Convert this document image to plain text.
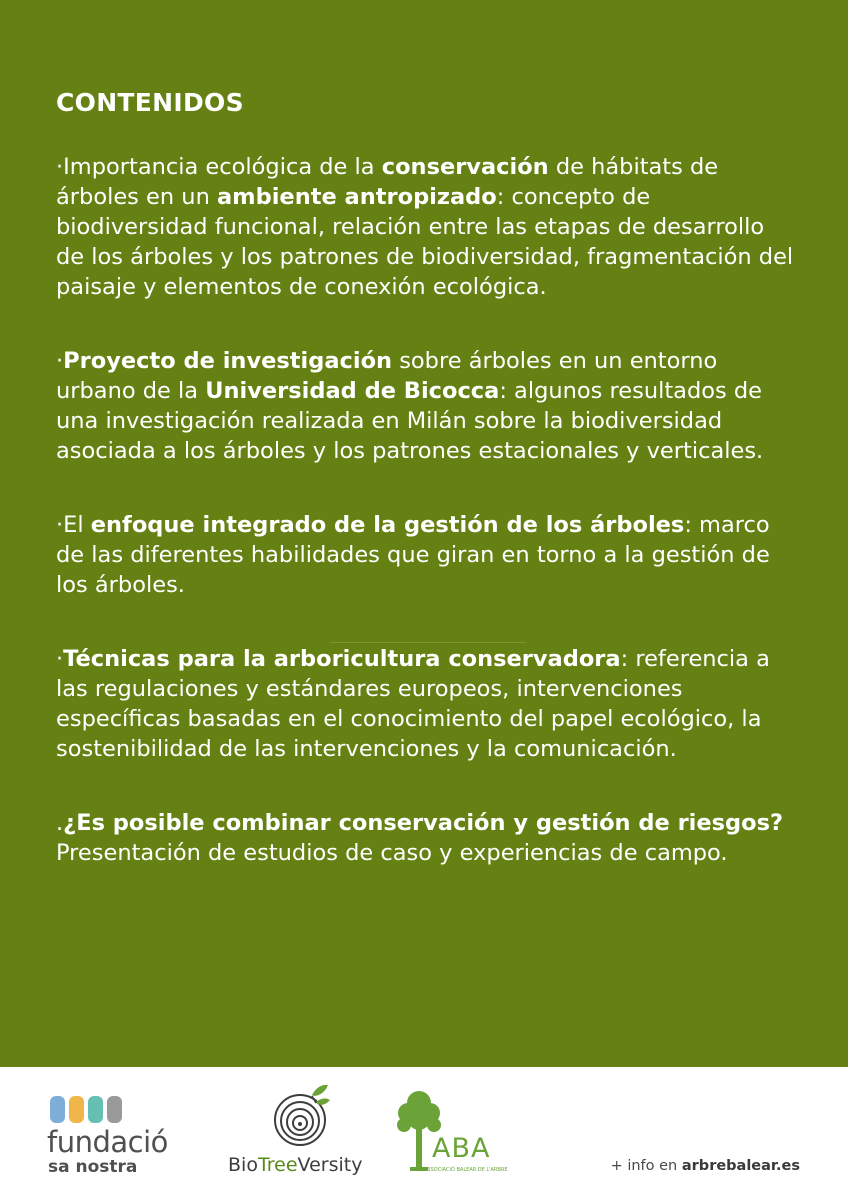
CONTENIDOS

·Importancia ecológica de la conservación de hábitats de árboles en un ambiente antropizado: concepto de biodiversidad funcional, relación entre las etapas de desarrollo de los árboles y los patrones de biodiversidad, fragmentación del paisaje y elementos de conexión ecológica.

·Proyecto de investigación sobre árboles en un entorno urbano de la Universidad de Bicocca: algunos resultados de una investigación realizada en Milán sobre la biodiversidad asociada a los árboles y los patrones estacionales y verticales.

·El enfoque integrado de la gestión de los árboles: marco de las diferentes habilidades que giran en torno a la gestión de los árboles.

·Técnicas para la arboricultura conservadora: referencia a las regulaciones y estándares europeos, intervenciones específicas basadas en el conocimiento del papel ecológico, la sostenibilidad de las intervenciones y la comunicación.

.¿Es posible combinar conservación y gestión de riesgos? Presentación de estudios de caso y experiencias de campo.

fundació
sa nostra	BioTreeVersity
ABA
ASSOCIACIÓ BALEAR DE L'ARBRE	+ info en arbrebalear.es
